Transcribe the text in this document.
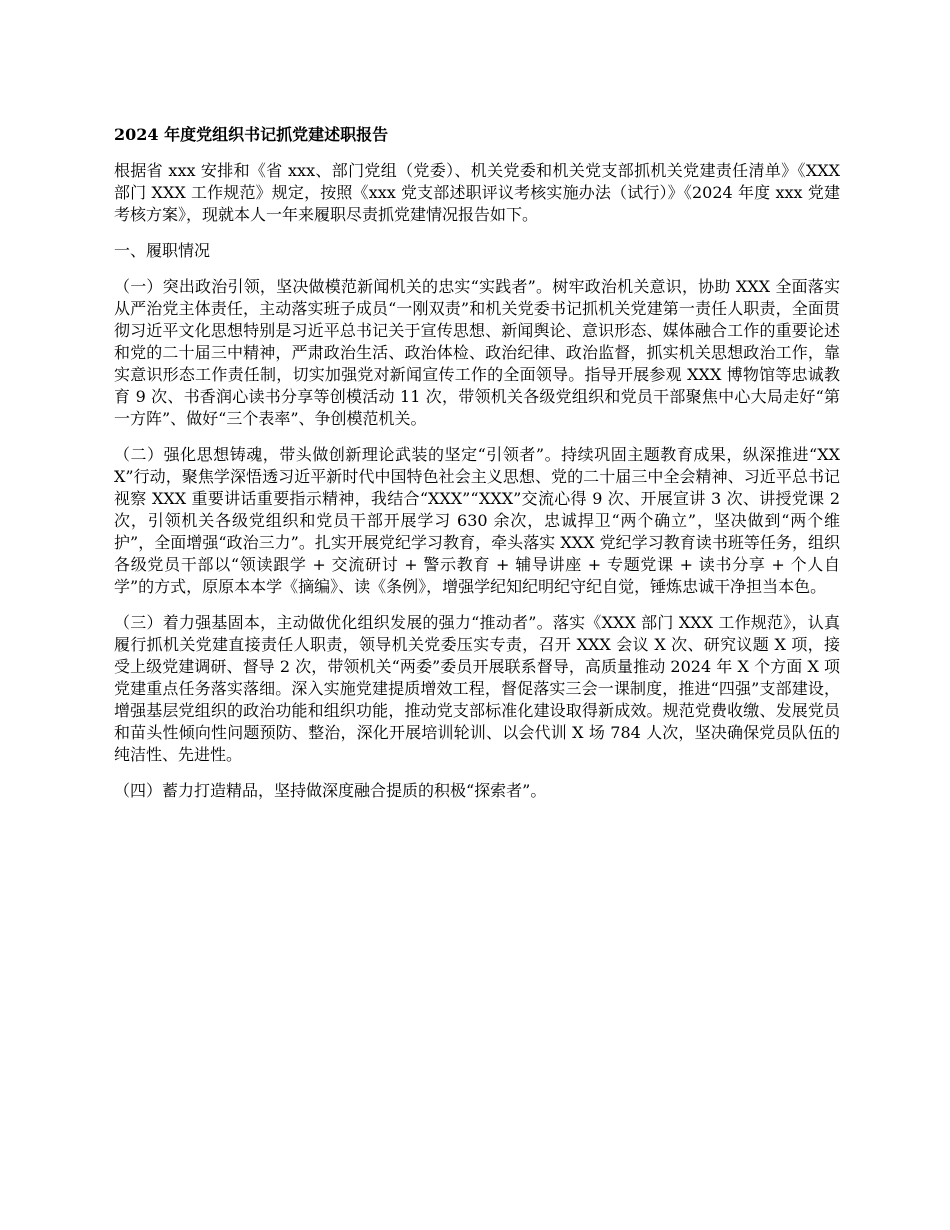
2024 年度党组织书记抓党建述职报告

根据省 xxx 安排和《省 xxx、部门党组（党委）、机关党委和机关党支部抓机关党建责任清单》《XXX 部门 XXX 工作规范》规定，按照《xxx 党支部述职评议考核实施办法（试行）》《2024 年度 xxx 党建考核方案》，现就本人一年来履职尽责抓党建情况报告如下。

一、履职情况

（一）突出政治引领，坚决做模范新闻机关的忠实“实践者”。树牢政治机关意识，协助 XXX 全面落实从严治党主体责任，主动落实班子成员“一刚双责”和机关党委书记抓机关党建第一责任人职责，全面贯彻习近平文化思想特别是习近平总书记关于宣传思想、新闻舆论、意识形态、媒体融合工作的重要论述和党的二十届三中精神，严肃政治生活、政治体检、政治纪律、政治监督，抓实机关思想政治工作，靠实意识形态工作责任制，切实加强党对新闻宣传工作的全面领导。指导开展参观 XXX 博物馆等忠诚教育 9 次、书香润心读书分享等创模活动 11 次，带领机关各级党组织和党员干部聚焦中心大局走好“第一方阵”、做好“三个表率”、争创模范机关。

（二）强化思想铸魂，带头做创新理论武装的坚定“引领者”。持续巩固主题教育成果，纵深推进“XXX”行动，聚焦学深悟透习近平新时代中国特色社会主义思想、党的二十届三中全会精神、习近平总书记视察 XXX 重要讲话重要指示精神，我结合“XXX”“XXX”交流心得 9 次、开展宣讲 3 次、讲授党课 2 次，引领机关各级党组织和党员干部开展学习 630 余次，忠诚捍卫“两个确立”，坚决做到“两个维护”，全面增强“政治三力”。扎实开展党纪学习教育，牵头落实 XXX 党纪学习教育读书班等任务，组织各级党员干部以“领读跟学 + 交流研讨 + 警示教育 + 辅导讲座 + 专题党课 + 读书分享 + 个人自学”的方式，原原本本学《摘编》、读《条例》，增强学纪知纪明纪守纪自觉，锤炼忠诚干净担当本色。

（三）着力强基固本，主动做优化组织发展的强力“推动者”。落实《XXX 部门 XXX 工作规范》，认真履行抓机关党建直接责任人职责，领导机关党委压实专责，召开 XXX 会议 X 次、研究议题 X 项，接受上级党建调研、督导 2 次，带领机关“两委”委员开展联系督导，高质量推动 2024 年 X 个方面 X 项党建重点任务落实落细。深入实施党建提质增效工程，督促落实三会一课制度，推进“四强”支部建设，增强基层党组织的政治功能和组织功能，推动党支部标准化建设取得新成效。规范党费收缴、发展党员和苗头性倾向性问题预防、整治，深化开展培训轮训、以会代训 X 场 784 人次，坚决确保党员队伍的纯洁性、先进性。

（四）蓄力打造精品，坚持做深度融合提质的积极“探索者”。
